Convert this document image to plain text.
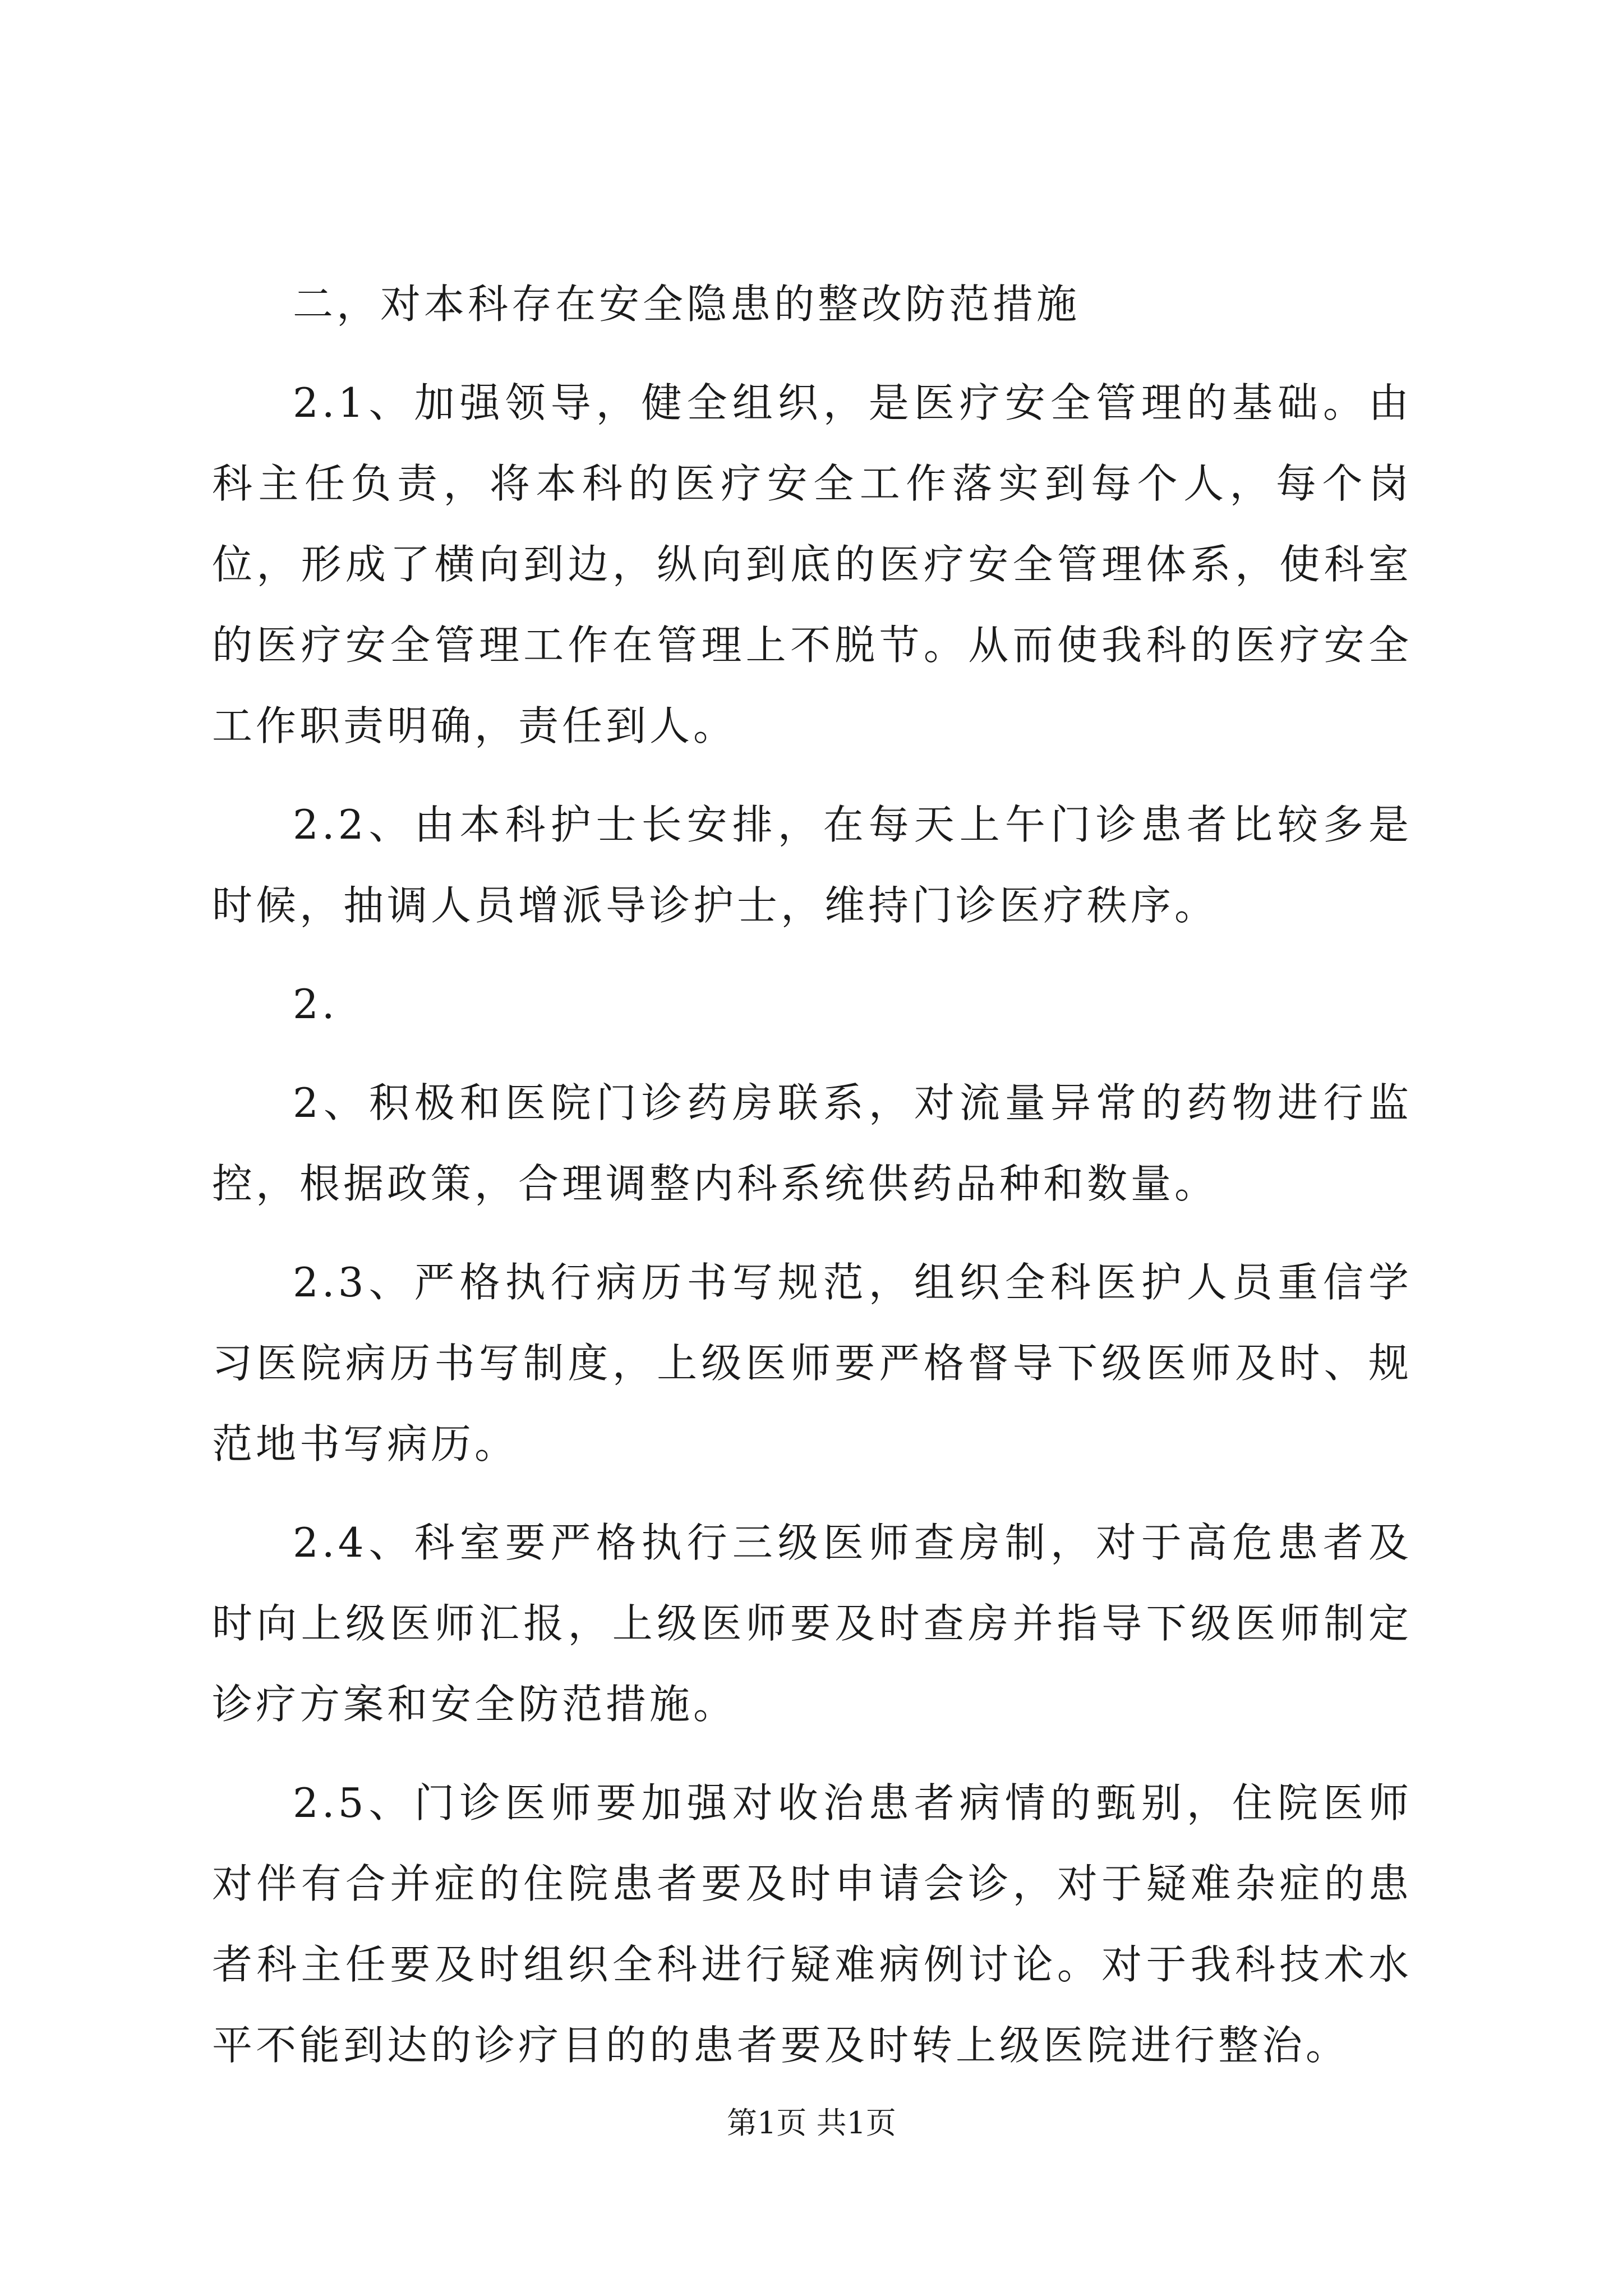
二，对本科存在安全隐患的整改防范措施

2.1、加强领导，健全组织，是医疗安全管理的基础。由科主任负责，将本科的医疗安全工作落实到每个人，每个岗位，形成了横向到边，纵向到底的医疗安全管理体系，使科室的医疗安全管理工作在管理上不脱节。从而使我科的医疗安全工作职责明确，责任到人。

2.2、由本科护士长安排，在每天上午门诊患者比较多是时候，抽调人员增派导诊护士，维持门诊医疗秩序。

2.

2、积极和医院门诊药房联系，对流量异常的药物进行监控，根据政策，合理调整内科系统供药品种和数量。

2.3、严格执行病历书写规范，组织全科医护人员重信学习医院病历书写制度，上级医师要严格督导下级医师及时、规范地书写病历。

2.4、科室要严格执行三级医师查房制，对于高危患者及时向上级医师汇报，上级医师要及时查房并指导下级医师制定诊疗方案和安全防范措施。

2.5、门诊医师要加强对收治患者病情的甄别，住院医师对伴有合并症的住院患者要及时申请会诊，对于疑难杂症的患者科主任要及时组织全科进行疑难病例讨论。对于我科技术水平不能到达的诊疗目的的患者要及时转上级医院进行整治。

第1页 共1页
